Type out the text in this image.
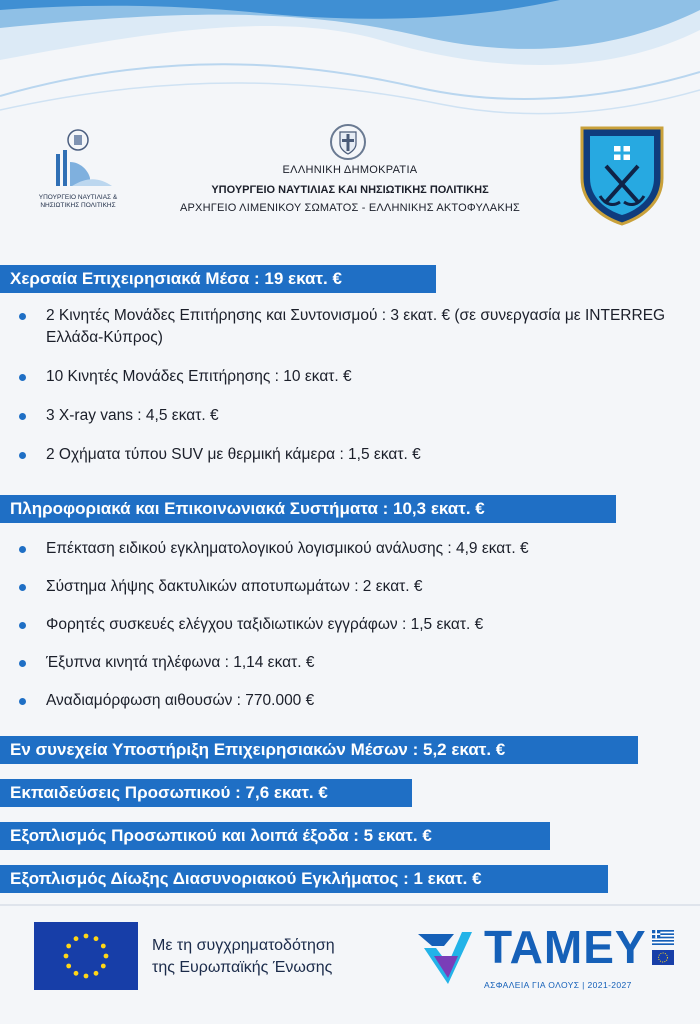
ΥΠΟΥΡΓΕΙΟ ΝΑΥΤΙΛΙΑΣ & ΝΗΣΙΩΤΙΚΗΣ ΠΟΛΙΤΙΚΗΣ
ΕΛΛΗΝΙΚΗ ΔΗΜΟΚΡΑΤΙΑ
ΥΠΟΥΡΓΕΙΟ ΝΑΥΤΙΛΙΑΣ ΚΑΙ ΝΗΣΙΩΤΙΚΗΣ ΠΟΛΙΤΙΚΗΣ
ΑΡΧΗΓΕΙΟ ΛΙΜΕΝΙΚΟΥ ΣΩΜΑΤΟΣ - ΕΛΛΗΝΙΚΗΣ ΑΚΤΟΦΥΛΑΚΗΣ
Χερσαία Επιχειρησιακά Μέσα : 19 εκατ. €
2 Κινητές Μονάδες Επιτήρησης και Συντονισμού : 3 εκατ. € (σε συνεργασία με INTERREG Ελλάδα-Κύπρος)
10 Κινητές Μονάδες Επιτήρησης : 10 εκατ. €
3 X-ray vans : 4,5 εκατ. €
2 Οχήματα τύπου SUV με θερμική κάμερα : 1,5 εκατ. €
Πληροφοριακά και Επικοινωνιακά Συστήματα : 10,3 εκατ. €
Επέκταση ειδικού εγκληματολογικού λογισμικού ανάλυσης : 4,9 εκατ. €
Σύστημα λήψης δακτυλικών αποτυπωμάτων : 2 εκατ. €
Φορητές συσκευές ελέγχου ταξιδιωτικών εγγράφων : 1,5 εκατ. €
Έξυπνα κινητά τηλέφωνα : 1,14 εκατ. €
Αναδιαμόρφωση αιθουσών : 770.000 €
Εν συνεχεία Υποστήριξη Επιχειρησιακών Μέσων : 5,2 εκατ. €
Εκπαιδεύσεις Προσωπικού : 7,6 εκατ. €
Εξοπλισμός Προσωπικού και λοιπά έξοδα : 5 εκατ. €
Εξοπλισμός Δίωξης Διασυνοριακού Εγκλήματος : 1 εκατ. €
Με τη συγχρηματοδότηση
της Ευρωπαϊκής Ένωσης	ΤΑΜΕΥ
ΑΣΦΑΛΕΙΑ ΓΙΑ ΟΛΟΥΣ | 2021-2027
